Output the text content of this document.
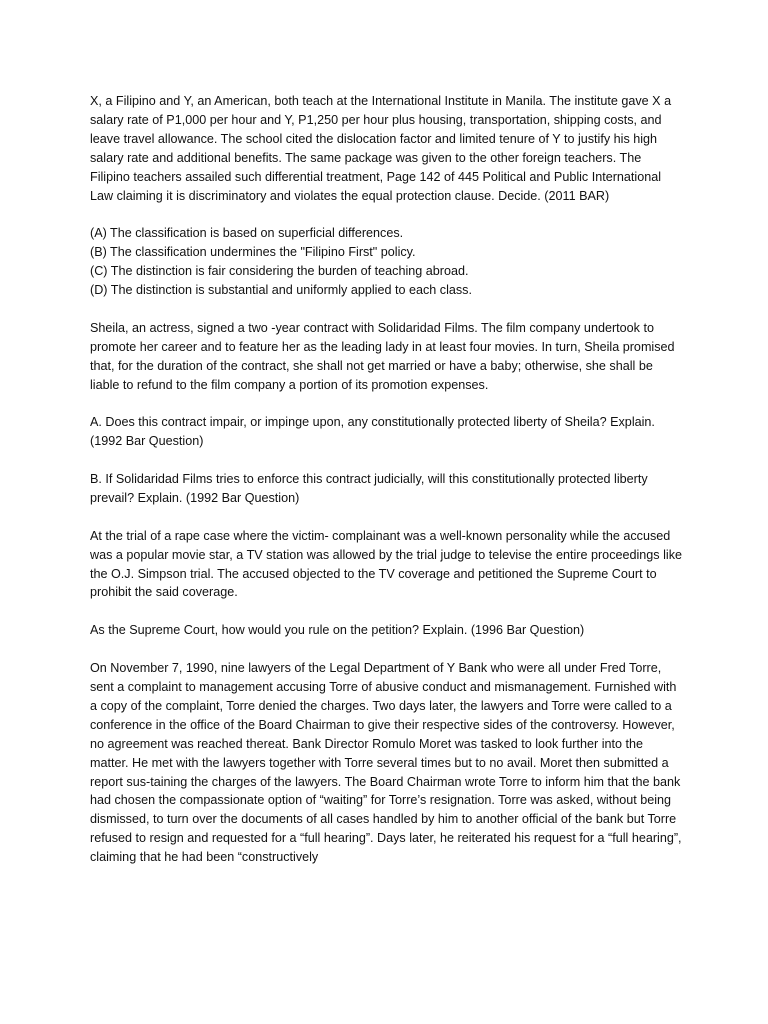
X, a Filipino and Y, an American, both teach at the International Institute in Manila. The institute gave X a salary rate of P1,000 per hour and Y, P1,250 per hour plus housing, transportation, shipping costs, and leave travel allowance. The school cited the dislocation factor and limited tenure of Y to justify his high salary rate and additional benefits. The same package was given to the other foreign teachers. The Filipino teachers assailed such differential treatment, Page 142 of 445 Political and Public International Law claiming it is discriminatory and violates the equal protection clause. Decide. (2011 BAR)

(A) The classification is based on superficial differences.

(B) The classification undermines the "Filipino First" policy.

(C) The distinction is fair considering the burden of teaching abroad.

(D) The distinction is substantial and uniformly applied to each class.

Sheila, an actress, signed a two -year contract with Solidaridad Films. The film company undertook to promote her career and to feature her as the leading lady in at least four movies. In turn, Sheila promised that, for the duration of the contract, she shall not get married or have a baby; otherwise, she shall be liable to refund to the film company a portion of its promotion expenses.

A. Does this contract impair, or impinge upon, any constitutionally protected liberty of Sheila? Explain. (1992 Bar Question)

B. If Solidaridad Films tries to enforce this contract judicially, will this constitutionally protected liberty prevail? Explain. (1992 Bar Question)

At the trial of a rape case where the victim- complainant was a well-known personality while the accused was a popular movie star, a TV station was allowed by the trial judge to televise the entire proceedings like the O.J. Simpson trial. The accused objected to the TV coverage and petitioned the Supreme Court to prohibit the said coverage.

As the Supreme Court, how would you rule on the petition? Explain. (1996 Bar Question)

On November 7, 1990, nine lawyers of the Legal Department of Y Bank who were all under Fred Torre, sent a complaint to management accusing Torre of abusive conduct and mismanagement. Furnished with a copy of the complaint, Torre denied the charges. Two days later, the lawyers and Torre were called to a conference in the office of the Board Chairman to give their respective sides of the controversy. However, no agreement was reached thereat. Bank Director Romulo Moret was tasked to look further into the matter. He met with the lawyers together with Torre several times but to no avail. Moret then submitted a report sus-taining the charges of the lawyers. The Board Chairman wrote Torre to inform him that the bank had chosen the compassionate option of “waiting” for Torre’s resignation. Torre was asked, without being dismissed, to turn over the documents of all cases handled by him to another official of the bank but Torre refused to resign and requested for a “full hearing”. Days later, he reiterated his request for a “full hearing”, claiming that he had been “constructively
